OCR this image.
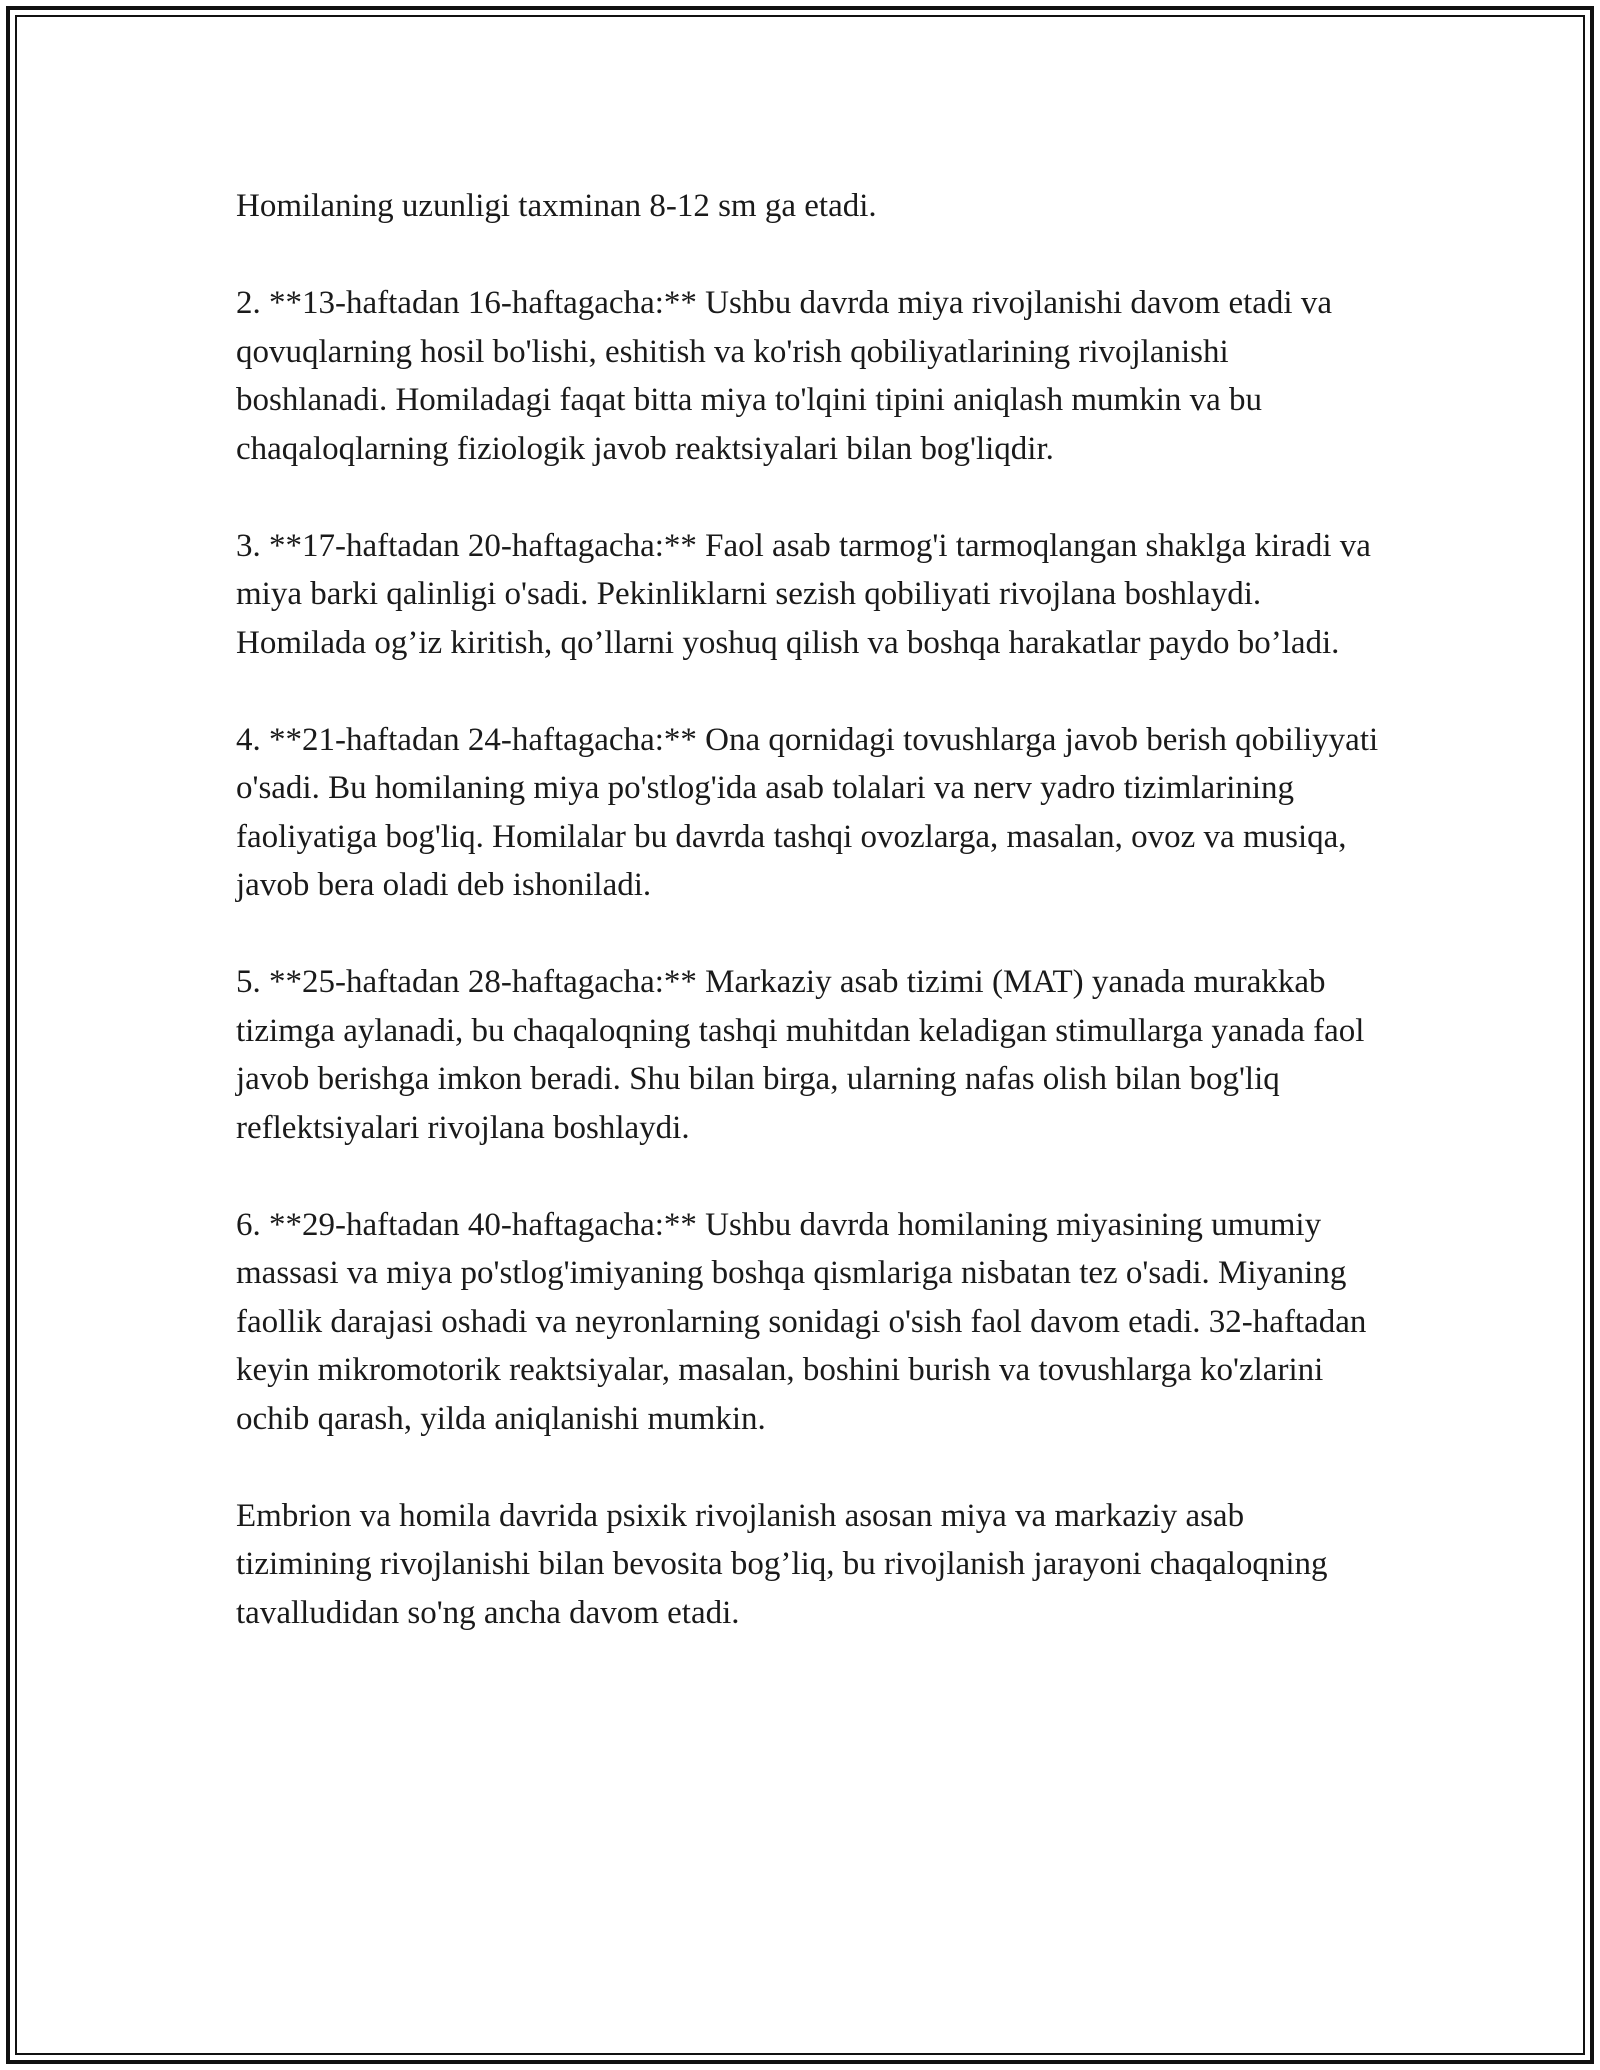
Homilaning uzunligi taxminan 8-12 sm ga etadi.

2. **13-haftadan 16-haftagacha:** Ushbu davrda miya rivojlanishi davom etadi va qovuqlarning hosil bo'lishi, eshitish va ko'rish qobiliyatlarining rivojlanishi boshlanadi. Homiladagi faqat bitta miya to'lqini tipini aniqlash mumkin va bu chaqaloqlarning fiziologik javob reaktsiyalari bilan bog'liqdir.

3. **17-haftadan 20-haftagacha:** Faol asab tarmog'i tarmoqlangan shaklga kiradi va miya barki qalinligi o'sadi. Pekinliklarni sezish qobiliyati rivojlana boshlaydi. Homilada og’iz kiritish, qo’llarni yoshuq qilish va boshqa harakatlar paydo bo’ladi.

4. **21-haftadan 24-haftagacha:** Ona qornidagi tovushlarga javob berish qobiliyyati o'sadi. Bu homilaning miya po'stlog'ida asab tolalari va nerv yadro tizimlarining faoliyatiga bog'liq. Homilalar bu davrda tashqi ovozlarga, masalan, ovoz va musiqa, javob bera oladi deb ishoniladi.

5. **25-haftadan 28-haftagacha:** Markaziy asab tizimi (MAT) yanada murakkab tizimga aylanadi, bu chaqaloqning tashqi muhitdan keladigan stimullarga yanada faol javob berishga imkon beradi. Shu bilan birga, ularning nafas olish bilan bog'liq reflektsiyalari rivojlana boshlaydi.

6. **29-haftadan 40-haftagacha:** Ushbu davrda homilaning miyasining umumiy massasi va miya po'stlog'imiyaning boshqa qismlariga nisbatan tez o'sadi. Miyaning faollik darajasi oshadi va neyronlarning sonidagi o'sish faol davom etadi. 32-haftadan keyin mikromotorik reaktsiyalar, masalan, boshini burish va tovushlarga ko'zlarini ochib qarash, yilda aniqlanishi mumkin.

Embrion va homila davrida psixik rivojlanish asosan miya va markaziy asab tizimining rivojlanishi bilan bevosita bog’liq, bu rivojlanish jarayoni chaqaloqning tavalludidan so'ng ancha davom etadi.
